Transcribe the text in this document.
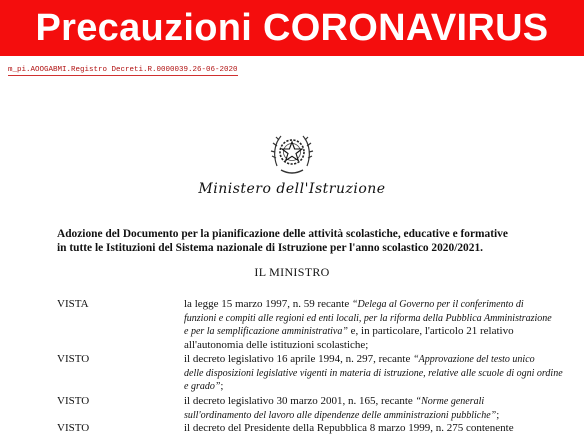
Precauzioni CORONAVIRUS
m_pi.AOOGABMI.Registro Decreti.R.0000039.26-06-2020
Ministero dell'Istruzione
Adozione del Documento per la pianificazione delle attività scolastiche, educative e formative
in tutte le Istituzioni del Sistema nazionale di Istruzione per l'anno scolastico 2020/2021.
IL MINISTRO
VISTA	la legge 15 marzo 1997, n. 59 recante “Delega al Governo per il conferimento di
funzioni e compiti alle regioni ed enti locali, per la riforma della Pubblica Amministrazione
e per la semplificazione amministrativa” e, in particolare, l'articolo 21 relativo
all'autonomia delle istituzioni scolastiche;
VISTO	il decreto legislativo 16 aprile 1994, n. 297, recante “Approvazione del testo unico
delle disposizioni legislative vigenti in materia di istruzione, relative alle scuole di ogni ordine
e grado”;
VISTO	il decreto legislativo 30 marzo 2001, n. 165, recante “Norme generali
sull'ordinamento del lavoro alle dipendenze delle amministrazioni pubbliche”;
VISTO	il decreto del Presidente della Repubblica 8 marzo 1999, n. 275 contenente
